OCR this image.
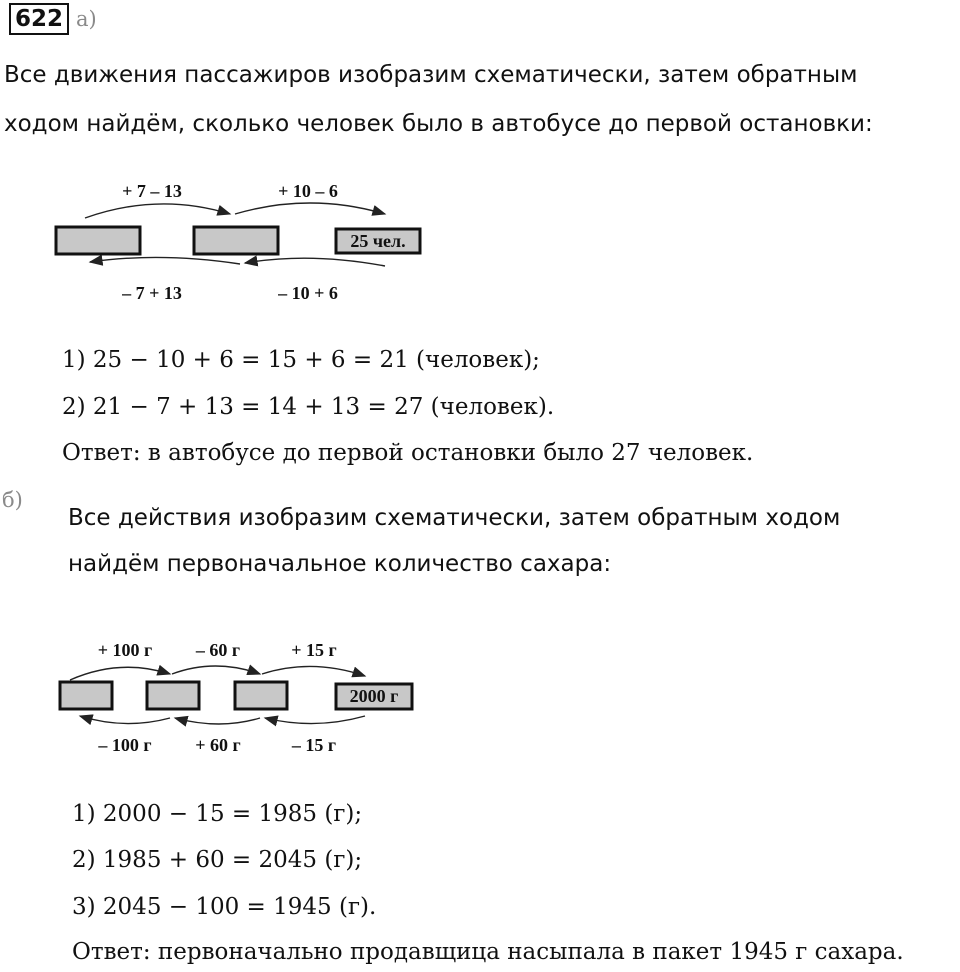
622 а)
Все движения пассажиров изобразим схематически, затем обратным
ходом найдём, сколько человек было в автобусе до первой остановки:
25 чел.
+ 7 – 13	+ 10 – 6
– 7 + 13	– 10 + 6
1) 25 − 10 + 6 = 15 + 6 = 21 (человек);
2) 21 − 7 + 13 = 14 + 13 = 27 (человек).
Ответ: в автобусе до первой остановки было 27 человек.
б)
Все действия изобразим схематически, затем обратным ходом
найдём первоначальное количество сахара:
2000 г
+ 100 г – 60 г	+ 15 г
– 100 г + 60 г	– 15 г
1) 2000 − 15 = 1985 (г);
2) 1985 + 60 = 2045 (г);
3) 2045 − 100 = 1945 (г).
Ответ: первоначально продавщица насыпала в пакет 1945 г сахара.
